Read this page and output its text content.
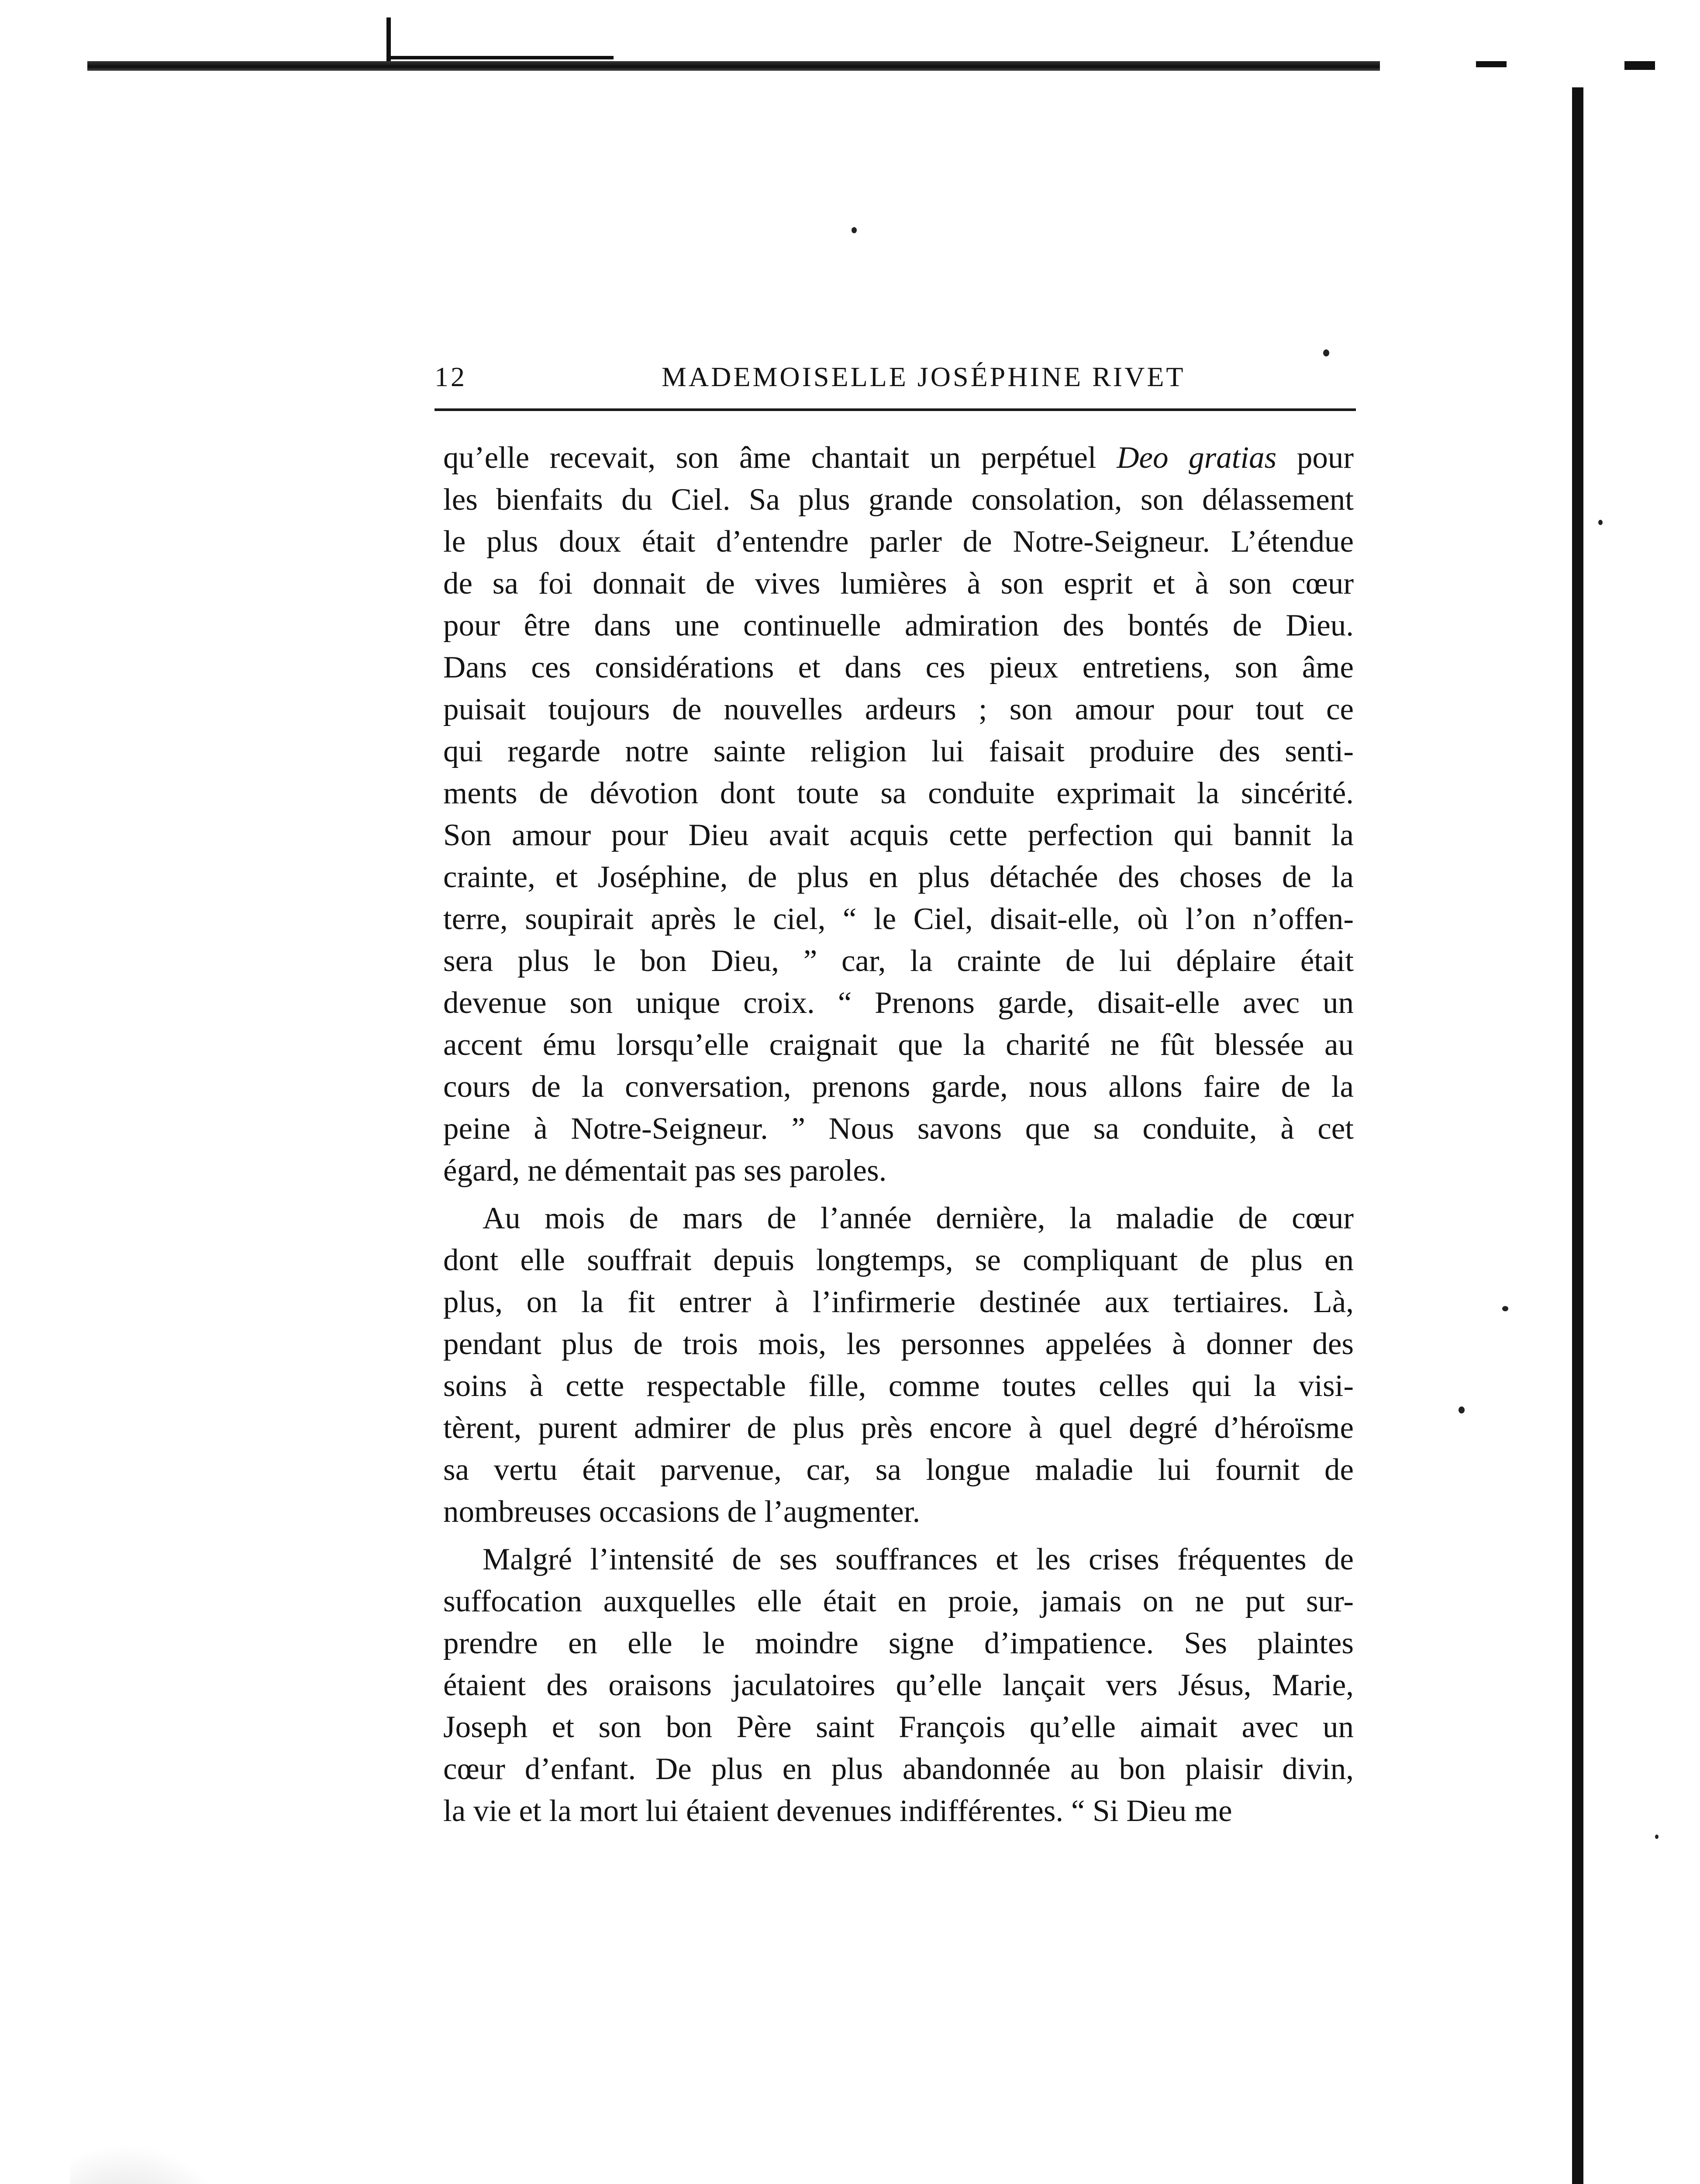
12	MADEMOISELLE JOSÉPHINE RIVET

qu’elle recevait, son âme chantait un perpétuel Deo gratias pour
les bienfaits du Ciel. Sa plus grande consolation, son délassement
le plus doux était d’entendre parler de Notre-Seigneur. L’étendue
de sa foi donnait de vives lumières à son esprit et à son cœur
pour être dans une continuelle admiration des bontés de Dieu.
Dans ces considérations et dans ces pieux entretiens, son âme
puisait toujours de nouvelles ardeurs ; son amour pour tout ce
qui regarde notre sainte religion lui faisait produire des senti-
ments de dévotion dont toute sa conduite exprimait la sincérité.
Son amour pour Dieu avait acquis cette perfection qui bannit la
crainte, et Joséphine, de plus en plus détachée des choses de la
terre, soupirait après le ciel, “ le Ciel, disait-elle, où l’on n’offen-
sera plus le bon Dieu, ” car, la crainte de lui déplaire était
devenue son unique croix. “ Prenons garde, disait-elle avec un
accent ému lorsqu’elle craignait que la charité ne fût blessée au
cours de la conversation, prenons garde, nous allons faire de la
peine à Notre-Seigneur. ” Nous savons que sa conduite, à cet
égard, ne démentait pas ses paroles.

Au mois de mars de l’année dernière, la maladie de cœur
dont elle souffrait depuis longtemps, se compliquant de plus en
plus, on la fit entrer à l’infirmerie destinée aux tertiaires. Là,
pendant plus de trois mois, les personnes appelées à donner des
soins à cette respectable fille, comme toutes celles qui la visi-
tèrent, purent admirer de plus près encore à quel degré d’héroïsme
sa vertu était parvenue, car, sa longue maladie lui fournit de
nombreuses occasions de l’augmenter.

Malgré l’intensité de ses souffrances et les crises fréquentes de
suffocation auxquelles elle était en proie, jamais on ne put sur-
prendre en elle le moindre signe d’impatience. Ses plaintes
étaient des oraisons jaculatoires qu’elle lançait vers Jésus, Marie,
Joseph et son bon Père saint François qu’elle aimait avec un
cœur d’enfant. De plus en plus abandonnée au bon plaisir divin,
la vie et la mort lui étaient devenues indifférentes. “ Si Dieu me
